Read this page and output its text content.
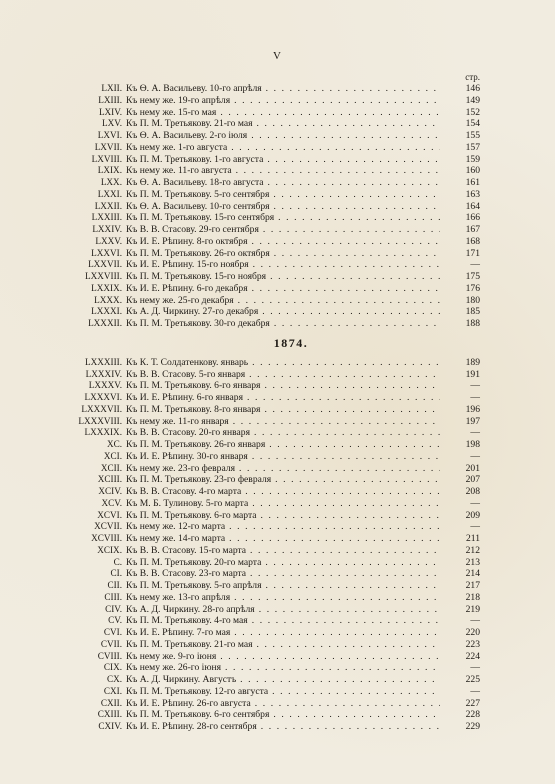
V
стр.
LXII. Къ Ѳ. А. Васильеву. 10-го апрѣля . . .	146
LXIII. Къ нему же. 19-го апрѣля . . .	149
LXIV. Къ нему же. 15-го мая . . .	152
LXV. Къ П. М. Третьякову. 21-го мая . . .	154
LXVI. Къ Ѳ. А. Васильеву. 2-го іюля . . .	155
LXVII. Къ нему же. 1-го августа . . .	157
LXVIII. Къ П. М. Третьякову. 1-го августа . . .	159
LXIX. Къ нему же. 11-го августа . . .	160
LXX. Къ Ѳ. А. Васильеву. 18-го августа . . .	161
LXXI. Къ П. М. Третьякову. 5-го сентября . . .	163
LXXII. Къ Ѳ. А. Васильеву. 10-го сентября . . .	164
LXXIII. Къ П. М. Третьякову. 15-го сентября . . .	166
LXXIV. Къ В. В. Стасову. 29-го сентября . . .	167
LXXV. Къ И. Е. Рѣпину. 8-го октября . . .	168
LXXVI. Къ П. М. Третьякову. 26-го октября . . .	171
LXXVII. Къ И. Е. Рѣпину. 15-го ноября . . .	—
LXXVIII. Къ П. М. Третьякову. 15-го ноября . . .	175
LXXIX. Къ И. Е. Рѣпину. 6-го декабря . . .	176
LXXX. Къ нему же. 25-го декабря . . .	180
LXXXI. Къ А. Д. Чиркину. 27-го декабря . . .	185
LXXXII. Къ П. М. Третьякову. 30-го декабря . . .	188
1874.
LXXXIII. Къ К. Т. Солдатенкову. январь . . .	189
LXXXIV. Къ В. В. Стасову. 5-го января . . .	191
LXXXV. Къ П. М. Третьякову. 6-го января . . .	—
LXXXVI. Къ И. Е. Рѣпину. 6-го января . . .	—
LXXXVII. Къ П. М. Третьякову. 8-го января . . .	196
LXXXVIII. Къ нему же. 11-го января . . .	197
LXXXIX. Къ В. В. Стасову. 20-го января . . .	—
XC. Къ П. М. Третьякову. 26-го января . . .	198
XCI. Къ И. Е. Рѣпину. 30-го января . . .	—
XCII. Къ нему же. 23-го февраля . . .	201
XCIII. Къ П. М. Третьякову. 23-го февраля . . .	207
XCIV. Къ В. В. Стасову. 4-го марта . . .	208
XCV. Къ М. Б. Тулинову. 5-го марта . . .	—
XCVI. Къ П. М. Третьякову. 6-го марта . . .	209
XCVII. Къ нему же. 12-го марта . . .	—
XCVIII. Къ нему же. 14-го марта . . .	211
XCIX. Къ В. В. Стасову. 15-го марта . . .	212
C. Къ П. М. Третьякову. 20-го марта . . .	213
CI. Къ В. В. Стасову. 23-го марта . . .	214
CII. Къ П. М. Третьякову. 5-го апрѣля . . .	217
CIII. Къ нему же. 13-го апрѣля . . .	218
CIV. Къ А. Д. Чиркину. 28-го апрѣля . . .	219
CV. Къ П. М. Третьякову. 4-го мая . . .	—
CVI. Къ И. Е. Рѣпину. 7-го мая . . .	220
CVII. Къ П. М. Третьякову. 21-го мая . . .	223
CVIII. Къ нему же. 9-го іюня . . .	224
CIX. Къ нему же. 26-го іюня . . .	—
CX. Къ А. Д. Чиркину. Августъ . . .	225
CXI. Къ П. М. Третьякову. 12-го августа . . .	—
CXII. Къ И. Е. Рѣпину. 26-го августа . . .	227
CXIII. Къ П. М. Третьякову. 6-го сентября . . .	228
CXIV. Къ И. Е. Рѣпину. 28-го сентября . . .	229
